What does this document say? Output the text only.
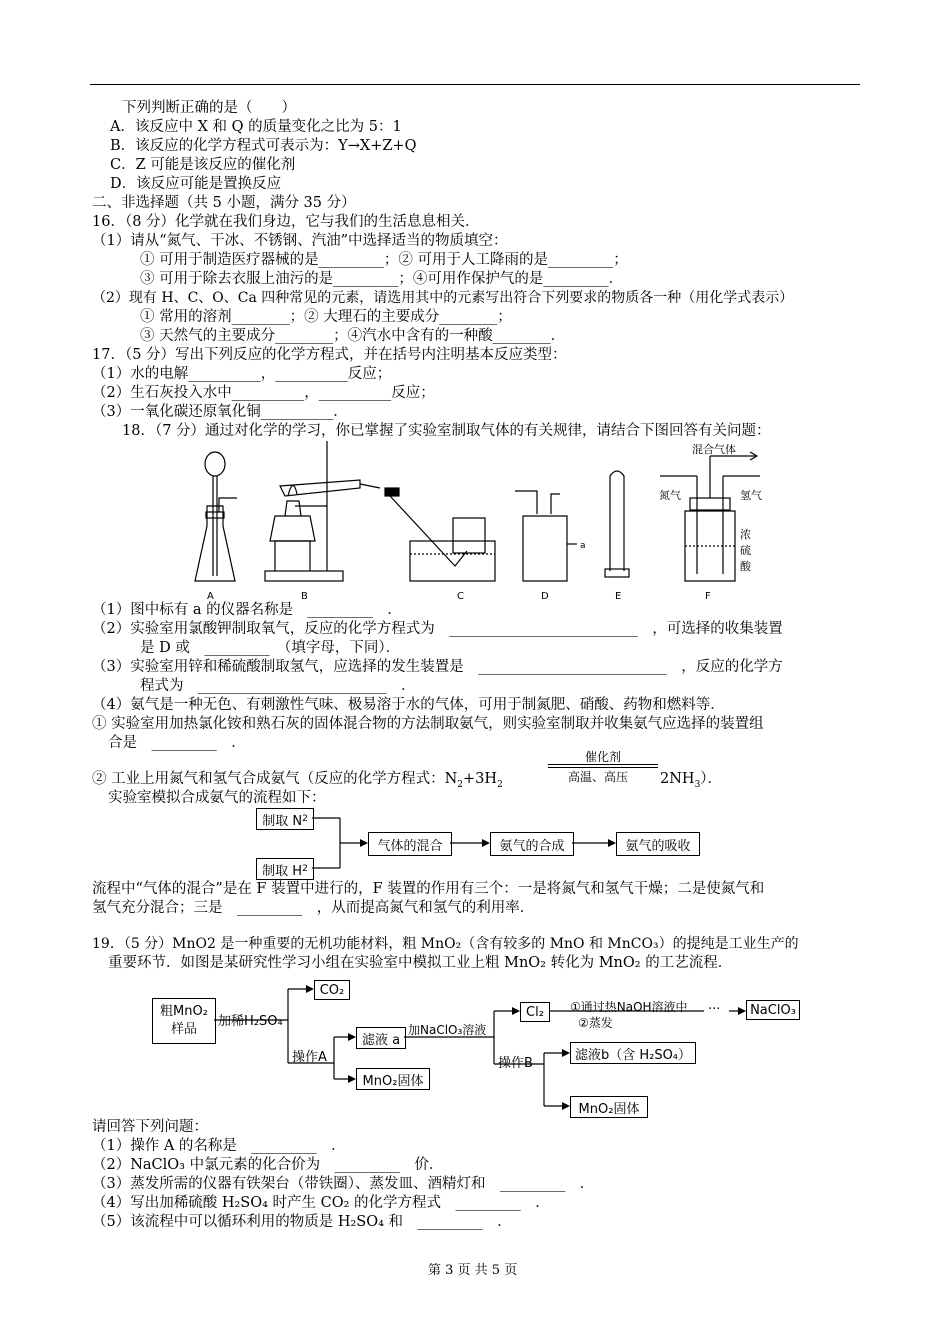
下列判断正确的是（　　）
A．该反应中 X 和 Q 的质量变化之比为 5：1
B．该反应的化学方程式可表示为：Y→X+Z+Q
C．Z 可能是该反应的催化剂
D．该反应可能是置换反应
二、非选择题（共 5 小题，满分 35 分）
16．（8 分）化学就在我们身边，它与我们的生活息息相关．
（1）请从“氮气、干冰、不锈钢、汽油”中选择适当的物质填空：
① 可用于制造医疗器械的是_________；② 可用于人工降雨的是_________；
③ 可用于除去衣服上油污的是_________；④可用作保护气的是_________．
（2）现有 H、C、O、Ca 四种常见的元素，请选用其中的元素写出符合下列要求的物质各一种（用化学式表示）
① 常用的溶剂________；② 大理石的主要成分________；
③ 天然气的主要成分________；④汽水中含有的一种酸________．
17．（5 分）写出下列反应的化学方程式，并在括号内注明基本反应类型：
（1）水的电解__________，__________反应；
（2）生石灰投入水中__________，__________反应；
（3）一氧化碳还原氧化铜__________．
18．（7 分）通过对化学的学习，你已掌握了实验室制取气体的有关规律，请结合下图回答有关问题：
a
混合气体
氮气	氢气
浓
硫
酸
A	B	C	D	E	F
（1）图中标有 a 的仪器名称是　_________　．
（2）实验室用氯酸钾制取氧气，反应的化学方程式为　__________________________　，可选择的收集装置
是 D 或　_________　（填字母，下同）．
（3）实验室用锌和稀硫酸制取氢气，应选择的发生装置是　__________________________　，反应的化学方
程式为　__________________________　．
（4）氨气是一种无色、有刺激性气味、极易溶于水的气体，可用于制氮肥、硝酸、药物和燃料等．
① 实验室用加热氯化铵和熟石灰的固体混合物的方法制取氨气，则实验室制取并收集氨气应选择的装置组
合是　_________　．
催化剂
高温、高压
② 工业上用氮气和氢气合成氨气（反应的化学方程式：$N_2+3H_2$	$2NH_3$）．
实验室模拟合成氨气的流程如下：
制取 N 2
制取 H 2
气体的混合	氨气的合成	氨气的吸收
流程中“气体的混合”是在 F 装置中进行的，F 装置的作用有三个：一是将氮气和氢气干燥；二是使氮气和
氢气充分混合；三是　_________　，从而提高氮气和氢气的利用率．
19．（5 分）MnO2 是一种重要的无机功能材料，粗 MnO₂（含有较多的 MnO 和 MnCO₃）的提纯是工业生产的
重要环节．如图是某研究性学习小组在实验室中模拟工业上粗 MnO₂ 转化为 MnO₂ 的工艺流程．
粗MnO₂
样品
加稀H₂SO₄
CO₂
操作A
滤液 a
加NaClO₃溶液
MnO₂固体
Cl₂	①通过热NaOH溶液中
②蒸发
···	NaClO₃
操作B
滤液b（含 H₂SO₄）
MnO₂固体
请回答下列问题：
（1）操作 A 的名称是　_________　．
（2）NaClO₃ 中氯元素的化合价为　_________　价．
（3）蒸发所需的仪器有铁架台（带铁圈）、蒸发皿、酒精灯和　_________　．
（4）写出加稀硫酸 H₂SO₄ 时产生 CO₂ 的化学方程式　_________　．
（5）该流程中可以循环利用的物质是 H₂SO₄ 和　_________　．
第 3 页 共 5 页
